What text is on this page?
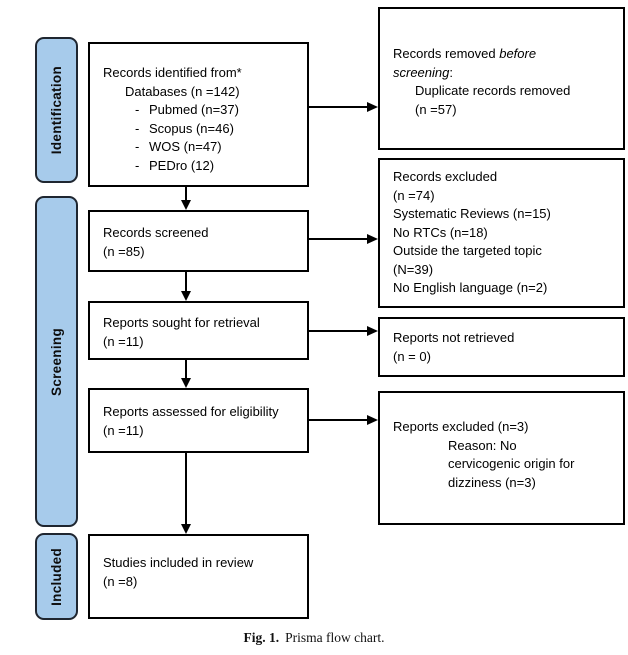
Identification
Screening
Included
Records identified from*
Databases (n =142)
- Pubmed (n=37)
- Scopus (n=46)
- WOS (n=47)
- PEDro (12)
Records screened
(n =85)
Reports sought for retrieval
(n =11)
Reports assessed for eligibility
(n =11)
Studies included in review
(n =8)
Records removed before
screening:
Duplicate records removed
(n =57)
Records excluded
(n =74)
Systematic Reviews (n=15)
No RTCs (n=18)
Outside the targeted topic
(N=39)
No English language (n=2)
Reports not retrieved
(n = 0)
Reports excluded (n=3)
Reason: No
cervicogenic origin for
dizziness (n=3)
Fig. 1. Prisma flow chart.
